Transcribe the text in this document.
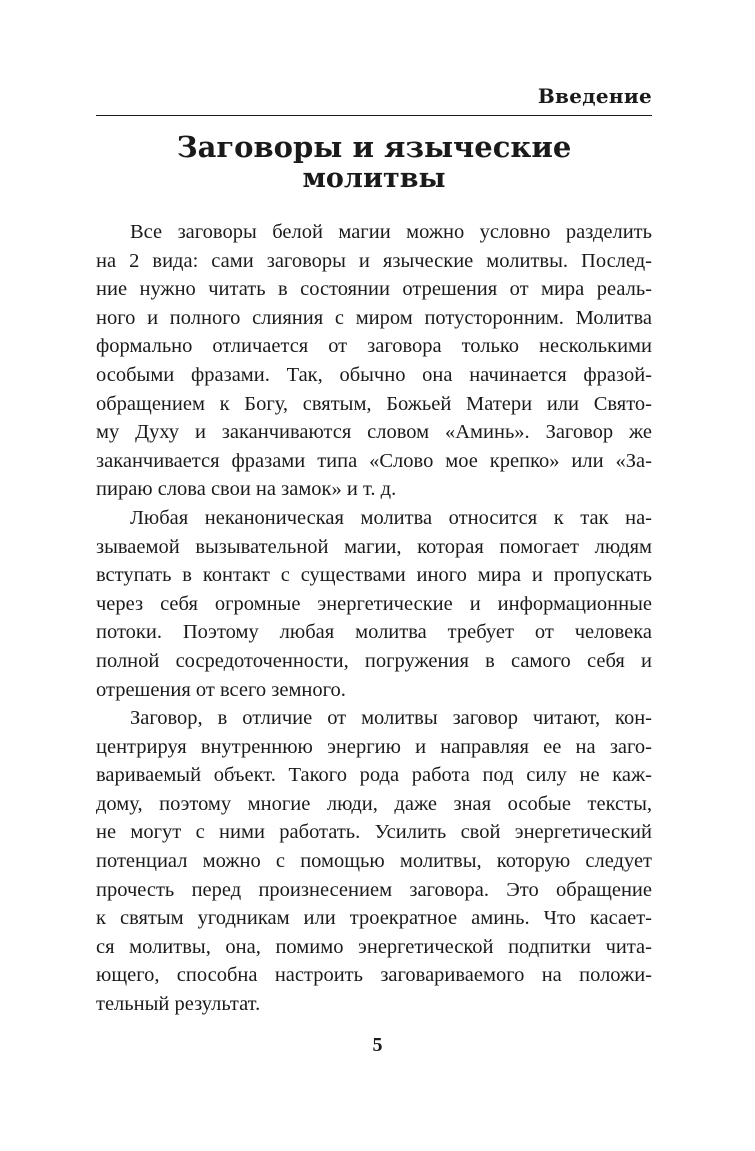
Введение
Заговоры и языческие
молитвы
Все заговоры белой магии можно условно разделить
на 2 вида: сами заговоры и языческие молитвы. Послед-
ние нужно читать в состоянии отрешения от мира реаль-
ного и полного слияния с миром потусторонним. Молитва
формально отличается от заговора только несколькими
особыми фразами. Так, обычно она начинается фразой-
обращением к Богу, святым, Божьей Матери или Свято-
му Духу и заканчиваются словом «Аминь». Заговор же
заканчивается фразами типа «Слово мое крепко» или «За-
пираю слова свои на замок» и т. д.
Любая неканоническая молитва относится к так на-
зываемой вызывательной магии, которая помогает людям
вступать в контакт с существами иного мира и пропускать
через себя огромные энергетические и информационные
потоки. Поэтому любая молитва требует от человека
полной сосредоточенности, погружения в самого себя и
отрешения от всего земного.
Заговор, в отличие от молитвы заговор читают, кон-
центрируя внутреннюю энергию и направляя ее на заго-
вариваемый объект. Такого рода работа под силу не каж-
дому, поэтому многие люди, даже зная особые тексты,
не могут с ними работать. Усилить свой энергетический
потенциал можно с помощью молитвы, которую следует
прочесть перед произнесением заговора. Это обращение
к святым угодникам или троекратное аминь. Что касает-
ся молитвы, она, помимо энергетической подпитки чита-
ющего, способна настроить заговариваемого на положи-
тельный результат.
5
